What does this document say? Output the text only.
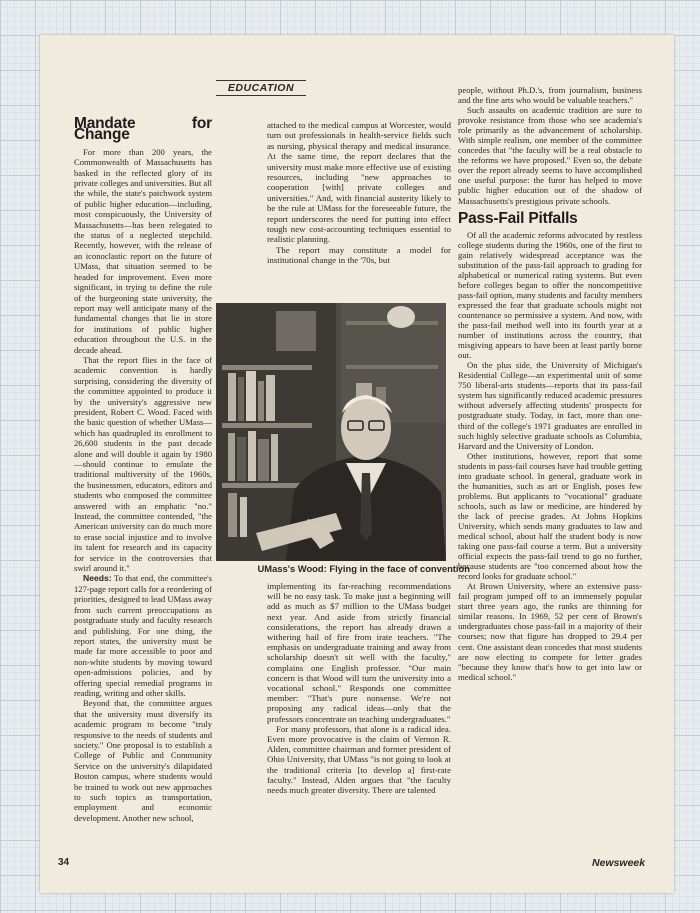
EDUCATION
Mandate for Change

For more than 200 years, the Commonwealth of Massachusetts has basked in the reflected glory of its private colleges and universities. But all the while, the state's patchwork system of public higher education—including, most conspicuously, the University of Massachusetts—has been relegated to the status of a neglected stepchild. Recently, however, with the release of an iconoclastic report on the future of UMass, that situation seemed to be headed for improvement. Even more significant, in trying to define the role of the burgeoning state university, the report may well anticipate many of the fundamental changes that lie in store for institutions of public higher education throughout the U.S. in the decade ahead.

That the report flies in the face of academic convention is hardly surprising, considering the diversity of the committee appointed to produce it by the university's aggressive new president, Robert C. Wood. Faced with the basic question of whether UMass—which has quadrupled its enrollment to 26,600 students in the past decade alone and will double it again by 1980—should continue to emulate the traditional multiversity of the 1960s, the businessmen, educators, editors and students who composed the committee answered with an emphatic "no." Instead, the committee contended, "the American university can do much more to erase social injustice and to involve its talent for research and its capacity for service in the controversies that swirl around it."

Needs: To that end, the committee's 127-page report calls for a reordering of priorities, designed to lead UMass away from such current preoccupations as postgraduate study and faculty research and publishing. For one thing, the report states, the university must be made far more accessible to poor and non-white students by moving toward open-admissions policies, and by offering special remedial programs in reading, writing and other skills.

Beyond that, the committee argues that the university must diversify its academic program to become "truly responsive to the needs of students and society." One proposal is to establish a College of Public and Community Service on the university's dilapidated Boston campus, where students would be trained to work out new approaches to such topics as transportation, employment and economic development. Another new school,

attached to the medical campus at Worcester, would turn out professionals in health-service fields such as nursing, physical therapy and medical insurance. At the same time, the report declares that the university must make more effective use of existing resources, including "new approaches to cooperation [with] private colleges and universities." And, with financial austerity likely to be the rule at UMass for the foreseeable future, the report underscores the need for putting into effect tough new cost-accounting techniques essential to realistic planning.

The report may constitute a model for institutional change in the '70s, but

UMass's Wood: Flying in the face of convention

implementing its far-reaching recommendations will be no easy task. To make just a beginning will add as much as $7 million to the UMass budget next year. And aside from strictly financial considerations, the report has already drawn a withering hail of fire from irate teachers. "The emphasis on undergraduate training and away from scholarship doesn't sit well with the faculty," complains one English professor. "Our main concern is that Wood will turn the university into a vocational school." Responds one committee member: "That's pure nonsense. We're not proposing any radical ideas—only that the professors concentrate on teaching undergraduates."

For many professors, that alone is a radical idea. Even more provocative is the claim of Vernon R. Alden, committee chairman and former president of Ohio University, that UMass "is not going to look at the traditional criteria [to develop a] first-rate faculty." Instead, Alden argues that "the faculty needs much greater diversity. There are talented

people, without Ph.D.'s, from journalism, business and the fine arts who would be valuable teachers."

Such assaults on academic tradition are sure to provoke resistance from those who see academia's role primarily as the advancement of scholarship. With simple realism, one member of the committee concedes that "the faculty will be a real obstacle to the reforms we have proposed." Even so, the debate over the report already seems to have accomplished one useful purpose: the furor has helped to move public higher education out of the shadow of Massachusetts's prestigious private schools.

Pass-Fail Pitfalls

Of all the academic reforms advocated by restless college students during the 1960s, one of the first to gain relatively widespread acceptance was the substitution of the pass-fail approach to grading for alphabetical or numerical rating systems. But even before colleges began to offer the noncompetitive pass-fail option, many students and faculty members expressed the fear that graduate schools might not countenance so permissive a system. And now, with the pass-fail method well into its fourth year at a number of institutions across the country, that misgiving appears to have been at least partly borne out.

On the plus side, the University of Michigan's Residential College—an experimental unit of some 750 liberal-arts students—reports that its pass-fail system has significantly reduced academic pressures without adversely affecting students' prospects for postgraduate study. Today, in fact, more than one-third of the college's 1971 graduates are enrolled in such highly selective graduate schools as Columbia, Harvard and the University of London.

Other institutions, however, report that some students in pass-fail courses have had trouble getting into graduate school. In general, graduate work in the humanities, such as art or English, poses few problems. But applicants to "vocational" graduate schools, such as law or medicine, are hindered by the lack of precise grades. At Johns Hopkins University, which sends many graduates to law and medical school, about half the student body is now taking one pass-fail course a term. But a university official expects the pass-fail trend to go no further, because students are "too concerned about how the record looks for graduate school."

At Brown University, where an extensive pass-fail program jumped off to an immensely popular start three years ago, the ranks are thinning for similar reasons. In 1969, 52 per cent of Brown's undergraduates chose pass-fail in a majority of their courses; now that figure has dropped to 29.4 per cent. One assistant dean concedes that most students are now electing to compete for letter grades "because they know that's how to get into law or medical school."

34	Newsweek
